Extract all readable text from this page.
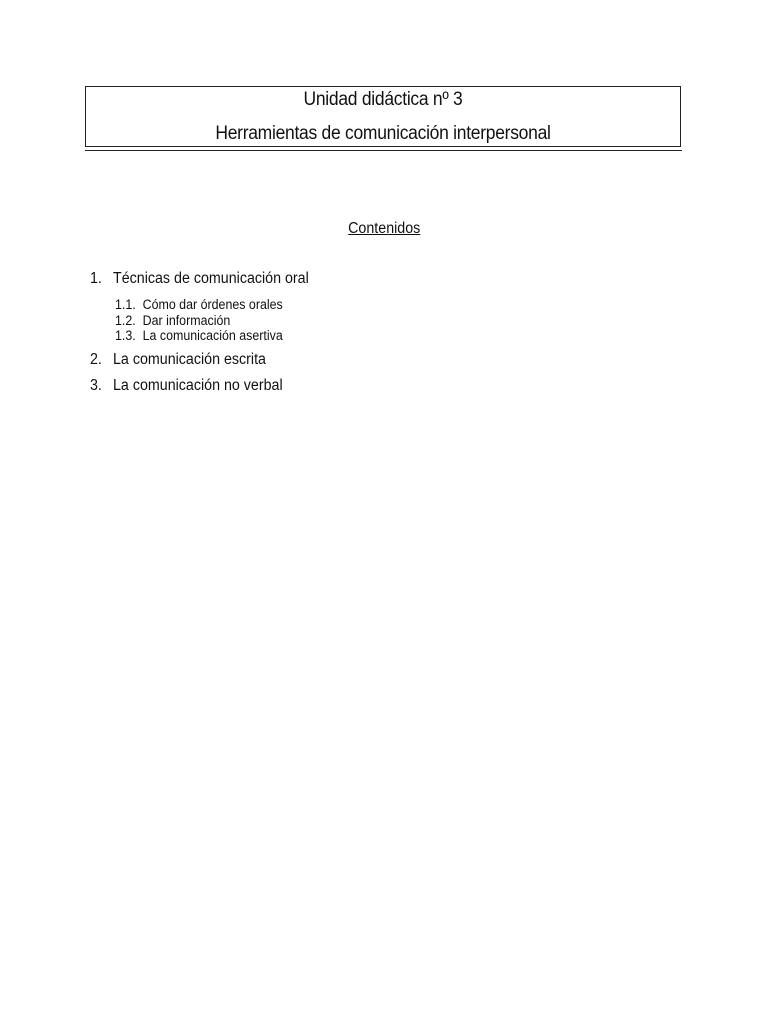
Unidad didáctica nº 3
Herramientas de comunicación interpersonal
Contenidos
1. Técnicas de comunicación oral
1.1. Cómo dar órdenes orales
1.2. Dar información
1.3. La comunicación asertiva
2. La comunicación escrita
3. La comunicación no verbal
